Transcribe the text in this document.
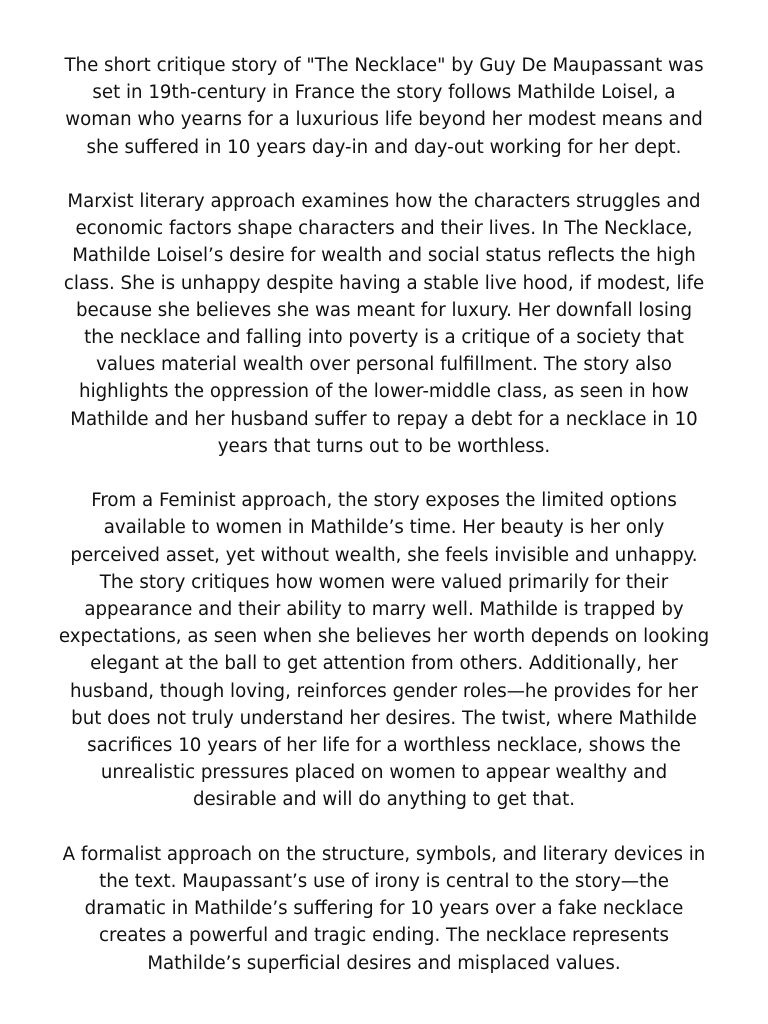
The short critique story of "The Necklace" by Guy De Maupassant was
set in 19th-century in France the story follows Mathilde Loisel, a
woman who yearns for a luxurious life beyond her modest means and
she suffered in 10 years day-in and day-out working for her dept.

Marxist literary approach examines how the characters struggles and
economic factors shape characters and their lives. In The Necklace,
Mathilde Loisel’s desire for wealth and social status reflects the high
class. She is unhappy despite having a stable live hood, if modest, life
because she believes she was meant for luxury. Her downfall losing
the necklace and falling into poverty is a critique of a society that
values material wealth over personal fulfillment. The story also
highlights the oppression of the lower-middle class, as seen in how
Mathilde and her husband suffer to repay a debt for a necklace in 10
years that turns out to be worthless.

From a Feminist approach, the story exposes the limited options
available to women in Mathilde’s time. Her beauty is her only
perceived asset, yet without wealth, she feels invisible and unhappy.
The story critiques how women were valued primarily for their
appearance and their ability to marry well. Mathilde is trapped by
expectations, as seen when she believes her worth depends on looking
elegant at the ball to get attention from others. Additionally, her
husband, though loving, reinforces gender roles—he provides for her
but does not truly understand her desires. The twist, where Mathilde
sacrifices 10 years of her life for a worthless necklace, shows the
unrealistic pressures placed on women to appear wealthy and
desirable and will do anything to get that.

A formalist approach on the structure, symbols, and literary devices in
the text. Maupassant’s use of irony is central to the story—the
dramatic in Mathilde’s suffering for 10 years over a fake necklace
creates a powerful and tragic ending. The necklace represents
Mathilde’s superficial desires and misplaced values.
